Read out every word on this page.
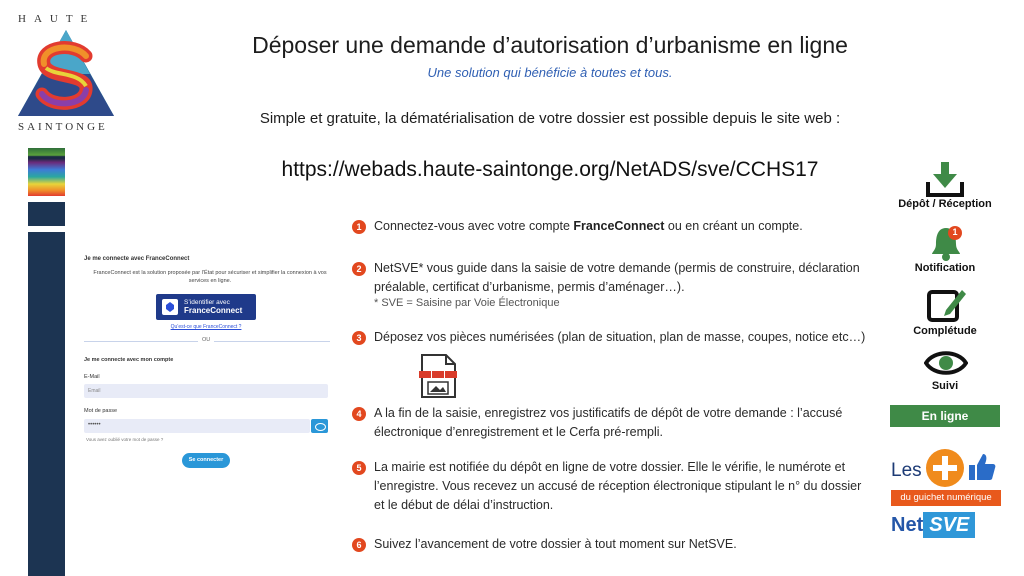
HAUTE
SAINTONGE
Déposer une demande d’autorisation d’urbanisme en ligne
Une solution qui bénéficie à toutes et tous.
Simple et gratuite, la dématérialisation de votre dossier est possible depuis le site web :
https://webads.haute-saintonge.org/NetADS/sve/CCHS17
Je me connecte avec FranceConnect
FranceConnect est la solution proposée par l’État pour sécuriser et simplifier la connexion à vos services en ligne.
S’identifier avec
FranceConnect
Qu’est-ce que FranceConnect ?
OU
Je me connecte avec mon compte
E-Mail
Email
Mot de passe
••••••
Vous avez oublié votre mot de passe ?
Se connecter
1	Connectez-vous avec votre compte FranceConnect ou en créant un compte.
2	NetSVE* vous guide dans la saisie de votre demande (permis de construire, déclaration préalable, certificat d’urbanisme, permis d’aménager…).
* SVE = Saisine par Voie Électronique
3	Déposez vos pièces numérisées (plan de situation, plan de masse, coupes, notice etc…)
4	A la fin de la saisie, enregistrez vos justificatifs de dépôt de votre demande : l’accusé électronique d’enregistrement et le Cerfa pré-rempli.
5	La mairie est notifiée du dépôt en ligne de votre dossier. Elle le vérifie, le numérote et l’enregistre. Vous recevez un accusé de réception électronique stipulant le n° du dossier et le début de délai d’instruction.
6	Suivez l’avancement de votre dossier à tout moment sur NetSVE.
Dépôt / Réception
1
Notification
Complétude
Suivi
En ligne
Les
du guichet numérique
Net SVE
